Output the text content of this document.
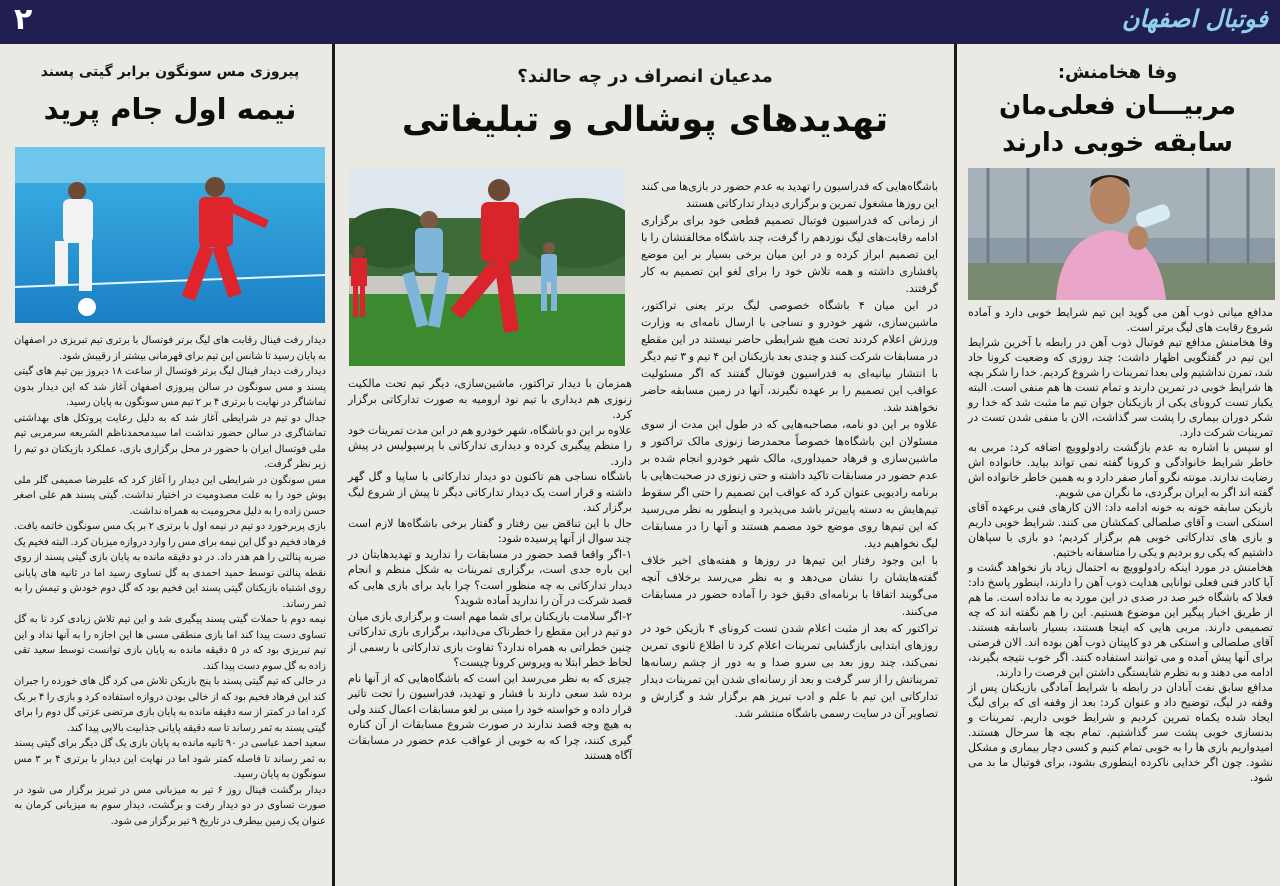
۲	فوتبال اصفهان
پیروزی مس سونگون برابر گیتی پسند
نیمه اول جام پرید

دیدار رفت فینال رقابت های لیگ برتر فوتسال با برتری تیم تبریزی در اصفهان به پایان رسید تا شانس این تیم برای قهرمانی بیشتر از رقیبش شود.

دیدار رفت دیدار فینال لیگ برتر فوتسال از ساعت ۱۸ دیروز بین تیم های گیتی پسند و مس سونگون در سالن پیروزی اصفهان آغاز شد که این دیدار بدون تماشاگر در نهایت با برتری ۴ بر ۲ تیم مس سونگون به پایان رسید.

جدال دو تیم در شرایطی آغاز شد که به دلیل رعایت پروتکل های بهداشتی تماشاگری در سالن حضور نداشت اما سیدمحمدناظم الشریعه سرمربی تیم ملی فوتسال ایران با حضور در محل برگزاری بازی، عملکرد بازیکنان دو تیم را زیر نظر گرفت.

مس سونگون در شرایطی این دیدار را آغاز کرد که علیرضا صمیمی گلر ملی پوش خود را به علت مصدومیت در اختیار نداشت. گیتی پسند هم علی اصغر حسن زاده را به دلیل محرومیت به همراه نداشت.

بازی پربرخورد دو تیم در نیمه اول با برتری ۲ بر یک مس سونگون خاتمه یافت. فرهاد فخیم دو گل این نیمه برای مس را وارد دروازه میزبان کرد. البته فخیم یک ضربه پنالتی را هم هدر داد. در دو دقیقه مانده به پایان بازی گیتی پسند از روی نقطه پنالتی توسط حمید احمدی به گل تساوی رسید اما در ثانیه های پایانی روی اشتباه بازیکنان گیتی پسند این فخیم بود که گل دوم خودش و تیمش را به ثمر رساند.

نیمه دوم با حملات گیتی پسند پیگیری شد و این تیم تلاش زیادی کرد تا به گل تساوی دست پیدا کند اما بازی منطقی مسی ها این اجازه را به آنها نداد و این تیم تبریزی بود که در ۵ دقیقه مانده به پایان بازی توانست توسط سعید تقی زاده به گل سوم دست پیدا کند.

در حالی که تیم گیتی پسند با پنج بازیکن تلاش می کرد گل های خورده را جبران کند این فرهاد فخیم بود که از خالی بودن دروازه استفاده کرد و بازی را ۴ بر یک کرد اما در کمتر از سه دقیقه مانده به پایان بازی مرتضی عزتی گل دوم را برای گیتی پسند به ثمر رساند تا سه دقیقه پایانی جذابیت بالایی پیدا کند.

سعید احمد عباسی در ۹۰ ثانیه مانده به پایان بازی یک گل دیگر برای گیتی پسند به ثمر رساند تا فاصله کمتر شود اما در نهایت این دیدار با برتری ۴ بر ۳ مس سونگون به پایان رسید.

دیدار برگشت فینال روز ۶ تیر به میزبانی مس در تبریز برگزار می شود در صورت تساوی در دو دیدار رفت و برگشت، دیدار سوم به میزبانی کرمان به عنوان یک زمین بیطرف در تاریخ ۹ تیر برگزار می شود.

مدعیان انصراف در چه حالند؟
تهدیدهای پوشالی و تبلیغاتی

باشگاه‌هایی که فدراسیون را تهدید به عدم حضور در بازی‌ها می کنند این روزها مشغول تمرین و برگزاری دیدار تدارکاتی هستند

از زمانی که فدراسیون فوتبال تصمیم قطعی خود برای برگزاری ادامه رقابت‌های لیگ نوزدهم را گرفت، چند باشگاه مخالفتشان را با این تصمیم ابراز کرده و در این میان برخی بسیار بر این موضع پافشاری داشته و همه تلاش خود را برای لغو این تصمیم به کار گرفتند.

در این میان ۴ باشگاه خصوصی لیگ برتر یعنی تراکتور، ماشین‌سازی، شهر خودرو و نساجی با ارسال نامه‌ای به وزارت ورزش اعلام کردند تحت هیچ شرایطی حاضر نیستند در این مقطع در مسابقات شرکت کنند و چندی بعد بازیکنان این ۴ تیم و ۳ تیم دیگر با انتشار بیانیه‌ای به فدراسیون فوتبال گفتند که اگر مسئولیت عواقب این تصمیم را بر عهده نگیرند، آنها در زمین مسابقه حاضر نخواهند شد.

علاوه بر این دو نامه، مصاحبه‌هایی که در طول این مدت از سوی مسئولان این باشگاه‌ها خصوصاً محمدرضا زنوزی مالک تراکتور و ماشین‌سازی و فرهاد حمیداوری، مالک شهر خودرو انجام شده بر عدم حضور در مسابقات تاکید داشته و حتی زنوزی در صحبت‌هایی با برنامه رادیویی عنوان کرد که عواقب این تصمیم را حتی اگر سقوط تیم‌هایش به دسته پایین‌تر باشد می‌پذیرد و اینطور به نظر می‌رسید که این تیم‌ها روی موضع خود مصمم هستند و آنها را در مسابقات لیگ نخواهیم دید.

با این وجود رفتار این تیم‌ها در روزها و هفته‌های اخیر خلاف گفته‌هایشان را نشان می‌دهد و به نظر می‌رسد برخلاف آنچه می‌گویند اتفاقا با برنامه‌ای دقیق خود را آماده حضور در مسابقات می‌کنند.

تراکتور که بعد از مثبت اعلام شدن تست کرونای ۴ بازیکن خود در روزهای ابتدایی بازگشایی تمرینات اعلام کرد تا اطلاع ثانوی تمرین نمی‌کند، چند روز بعد بی سرو صدا و به دور از چشم رسانه‌ها تمریناتش را از سر گرفت و بعد از رسانه‌ای شدن این تمرینات دیدار تدارکاتی این تیم با علم و ادب تبریز هم برگزار شد و گزارش و تصاویر آن در سایت رسمی باشگاه منتشر شد.

همزمان با دیدار تراکتور، ماشین‌سازی، دیگر تیم تحت مالکیت زنوزی هم دیداری با تیم نود ارومیه به صورت تدارکاتی برگزار کرد.

علاوه بر این دو باشگاه، شهر خودرو هم در این مدت تمرینات خود را منظم پیگیری کرده و دیداری تدارکاتی با پرسپولیس در پیش دارد.

باشگاه نساجی هم تاکنون دو دیدار تدارکاتی با ساپیا و گل گهر داشته و قرار است یک دیدار تدارکاتی دیگر تا پیش از شروع لیگ برگزار کند.

حال با این تناقض بین رفتار و گفتار برخی باشگاه‌ها لازم است چند سوال از آنها پرسیده شود:

۱-اگر واقعا قصد حضور در مسابقات را ندارید و تهدیدهایتان در این باره جدی است، برگزاری تمرینات به شکل منظم و انجام دیدار تدارکاتی به چه منظور است؟ چرا باید برای بازی هایی که قصد شرکت در آن را ندارید آماده شوید؟

۲-اگر سلامت بازیکنان برای شما مهم است و برگزاری بازی میان دو تیم در این مقطع را خطرناک می‌دانید، برگزاری بازی تدارکاتی چنین خطراتی به همراه ندارد؟ تفاوت بازی تدارکاتی با رسمی از لحاظ خطر ابتلا به ویروس کرونا چیست؟

چیزی که به نظر می‌رسد این است که باشگاه‌هایی که از آنها نام برده شد سعی دارند با فشار و تهدید، فدراسیون را تحت تاثیر قرار داده و خواسته خود را مبنی بر لغو مسابقات اعمال کنند ولی به هیچ وجه قصد ندارند در صورت شروع مسابقات از آن کناره گیری کنند، چرا که به خوبی از عواقب عدم حضور در مسابقات آگاه هستند

وفا هخامنش:
مربیـــان فعلی‌مان
سابقه خوبی دارند

مدافع میانی ذوب آهن می گوید این تیم شرایط خوبی دارد و آماده شروع رقابت های لیگ برتر است.

وفا هخامنش مدافع تیم فوتبال ذوب آهن در رابطه با آخرین شرایط این تیم در گفتگویی اظهار داشت: چند روزی که وضعیت کرونا حاد شد، تمرن نداشتیم ولی بعدا تمرینات را شروع کردیم. خدا را شکر بچه ها شرایط خوبی در تمرین دارند و تمام تست ها هم منفی است. البته یکبار تست کرونای یکی از بازیکنان جوان تیم ما مثبت شد که خدا رو شکر دوران بیماری را پشت سر گذاشت، الان با منفی شدن تست در تمرینات شرکت دارد.

او سپس با اشاره به عدم بازگشت رادولوویچ اضافه کرد: مربی به خاطر شرایط خانوادگی و کرونا گفته نمی تواند بیاید. خانواده اش رضایت ندارند. مونته نگرو آمار صفر دارد و به همین خاطر خانواده اش گفته اند اگر به ایران برگردی، ما نگران می شویم.

بازیکن سابقه خونه به خونه ادامه داد: الان کارهای فنی برعهده آقای استکی است و آقای صلصالی کمکشان می کنند. شرایط خوبی داریم و بازی های تدارکاتی خوبی هم برگزار کردیم؛ دو بازی با سپاهان داشتیم که یکی رو بردیم و یکی را متاسفانه باختیم.

هخامنش در مورد اینکه رادولوویچ به احتمال زیاد باز نخواهد گشت و آیا کادر فنی فعلی توانایی هدایت ذوب آهن را دارند، اینطور پاسخ داد: فعلا که باشگاه خبر صد در صدی در این مورد به ما نداده است. ما هم از طریق اخبار پیگیر این موضوع هستیم. این را هم نگفته اند که چه تصمیمی دارند. مربی هایی که اینجا هستند، بسیار باسابقه هستند. آقای صلصالی و استکی هر دو کاپیتان ذوب آهن بوده اند. الان فرصتی برای آنها پیش آمده و می توانند استفاده کنند. اگر خوب نتیجه بگیرند، ادامه می دهند و به نظرم شایستگی داشتن این فرصت را دارند.

مدافع سابق نفت آبادان در رابطه با شرایط آمادگی بازیکنان پس از وقفه در لیگ، توضیح داد و عنوان کرد: بعد از وقفه ای که برای لیگ ایجاد شده یکماه تمرین کردیم و شرایط خوبی داریم. تمرینات و بدنسازی خوبی پشت سر گذاشتیم. تمام بچه ها سرحال هستند. امیدواریم بازی ها را به خوبی تمام کنیم و کسی دچار بیماری و مشکل نشود. چون اگر خدایی ناکرده اینطوری بشود، برای فوتبال ما بد می شود.
